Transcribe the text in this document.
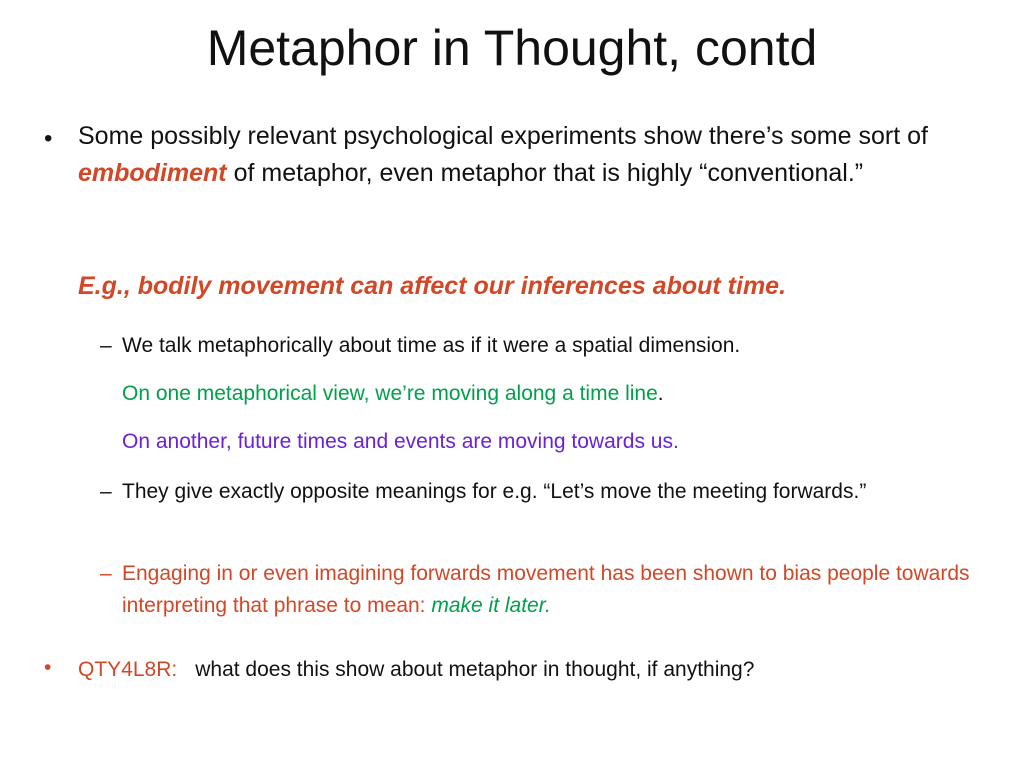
Metaphor in Thought, contd
• Some possibly relevant psychological experiments show there’s some sort of embodiment of metaphor, even metaphor that is highly “conventional.”
E.g., bodily movement can affect our inferences about time.
– We talk metaphorically about time as if it were a spatial dimension.
On one metaphorical view, we’re moving along a time line.
On another, future times and events are moving towards us.
– They give exactly opposite meanings for e.g. “Let’s move the meeting forwards.”
– Engaging in or even imagining forwards movement has been shown to bias people towards interpreting that phrase to mean: make it later.
• QTY4L8R: what does this show about metaphor in thought, if anything?
